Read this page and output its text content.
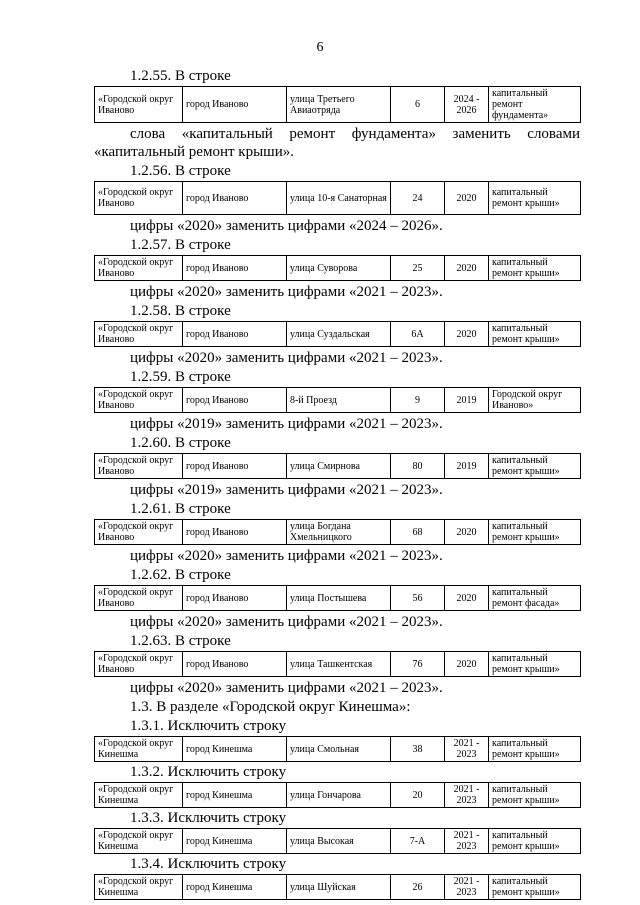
6
1.2.55. В строке
«Городской округ Иваново	город Иваново	улица Третьего Авиаотряда	6	2024 - 2026	капитальный ремонт фундамента»
слова «капитальный ремонт фундамента» заменить словами
«капитальный ремонт крыши».
1.2.56. В строке
«Городской округ Иваново	город Иваново	улица 10-я Санаторная	24	2020	капитальный ремонт крыши»
цифры «2020» заменить цифрами «2024 – 2026».
1.2.57. В строке
«Городской округ Иваново	город Иваново	улица Суворова	25	2020	капитальный ремонт крыши»
цифры «2020» заменить цифрами «2021 – 2023».
1.2.58. В строке
«Городской округ Иваново	город Иваново	улица Суздальская	6А	2020	капитальный ремонт крыши»
цифры «2020» заменить цифрами «2021 – 2023».
1.2.59. В строке
«Городской округ Иваново	город Иваново	8-й Проезд	9	2019	Городской округ Иваново»
цифры «2019» заменить цифрами «2021 – 2023».
1.2.60. В строке
«Городской округ Иваново	город Иваново	улица Смирнова	80	2019	капитальный ремонт крыши»
цифры «2019» заменить цифрами «2021 – 2023».
1.2.61. В строке
«Городской округ Иваново	город Иваново	улица Богдана Хмельницкого	68	2020	капитальный ремонт крыши»
цифры «2020» заменить цифрами «2021 – 2023».
1.2.62. В строке
«Городской округ Иваново	город Иваново	улица Постышева	56	2020	капитальный ремонт фасада»
цифры «2020» заменить цифрами «2021 – 2023».
1.2.63. В строке
«Городской округ Иваново	город Иваново	улица Ташкентская	76	2020	капитальный ремонт крыши»
цифры «2020» заменить цифрами «2021 – 2023».
1.3. В разделе «Городской округ Кинешма»:
1.3.1. Исключить строку
«Городской округ Кинешма	город Кинешма	улица Смольная	38	2021 - 2023	капитальный ремонт крыши»
1.3.2. Исключить строку
«Городской округ Кинешма	город Кинешма	улица Гончарова	20	2021 - 2023	капитальный ремонт крыши»
1.3.3. Исключить строку
«Городской округ Кинешма	город Кинешма	улица Высокая	7-А	2021 - 2023	капитальный ремонт крыши»
1.3.4. Исключить строку
«Городской округ Кинешма	город Кинешма	улица Шуйская	26	2021 - 2023	капитальный ремонт крыши»
